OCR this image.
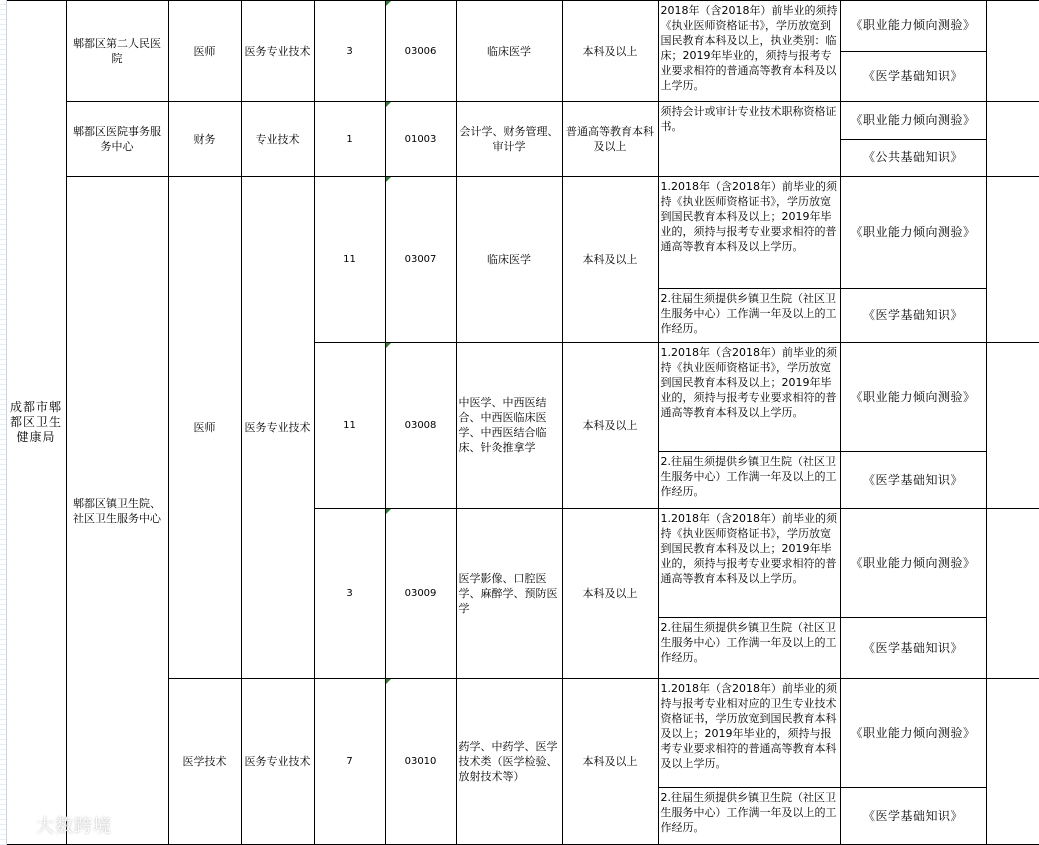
	成都市郫都区卫生健康局	郫都区第二人民医院	医师	医务专业技术	3	03006	临床医学	本科及以上	2018年（含2018年）前毕业的须持《执业医师资格证书》，学历放宽到国民教育本科及以上，执业类别：临床；2019年毕业的，须持与报考专业要求相符的普通高等教育本科及以上学历。	《职业能力倾向测验》	
										《医学基础知识》	
		郫都区医院事务服务中心	财务	专业技术	1	01003	会计学、财务管理、审计学	普通高等教育本科及以上	须持会计或审计专业技术职称资格证书。	《职业能力倾向测验》	
										《公共基础知识》	
		郫都区镇卫生院、社区卫生服务中心	医师	医务专业技术	11	03007	临床医学	本科及以上	1.2018年（含2018年）前毕业的须持《执业医师资格证书》，学历放宽到国民教育本科及以上；2019年毕业的，须持与报考专业要求相符的普通高等教育本科及以上学历。	《职业能力倾向测验》	
									2.往届生须提供乡镇卫生院（社区卫生服务中心）工作满一年及以上的工作经历。	《医学基础知识》	
					11	03008	中医学、中西医结合、中西医临床医学、中西医结合临床、针灸推拿学	本科及以上	1.2018年（含2018年）前毕业的须持《执业医师资格证书》，学历放宽到国民教育本科及以上；2019年毕业的，须持与报考专业要求相符的普通高等教育本科及以上学历。	《职业能力倾向测验》	
									2.往届生须提供乡镇卫生院（社区卫生服务中心）工作满一年及以上的工作经历。	《医学基础知识》	
					3	03009	医学影像、口腔医学、麻醉学、预防医学	本科及以上	1.2018年（含2018年）前毕业的须持《执业医师资格证书》，学历放宽到国民教育本科及以上；2019年毕业的，须持与报考专业要求相符的普通高等教育本科及以上学历。	《职业能力倾向测验》	
									2.往届生须提供乡镇卫生院（社区卫生服务中心）工作满一年及以上的工作经历。	《医学基础知识》	
			医学技术	医务专业技术	7	03010	药学、中药学、医学技术类（医学检验、放射技术等）	本科及以上	1.2018年（含2018年）前毕业的须持与报考专业相对应的卫生专业技术资格证书，学历放宽到国民教育本科及以上；2019年毕业的，须持与报考专业要求相符的普通高等教育本科及以上学历。	《职业能力倾向测验》	
									2.往届生须提供乡镇卫生院（社区卫生服务中心）工作满一年及以上的工作经历。	《医学基础知识》	
大数跨境
